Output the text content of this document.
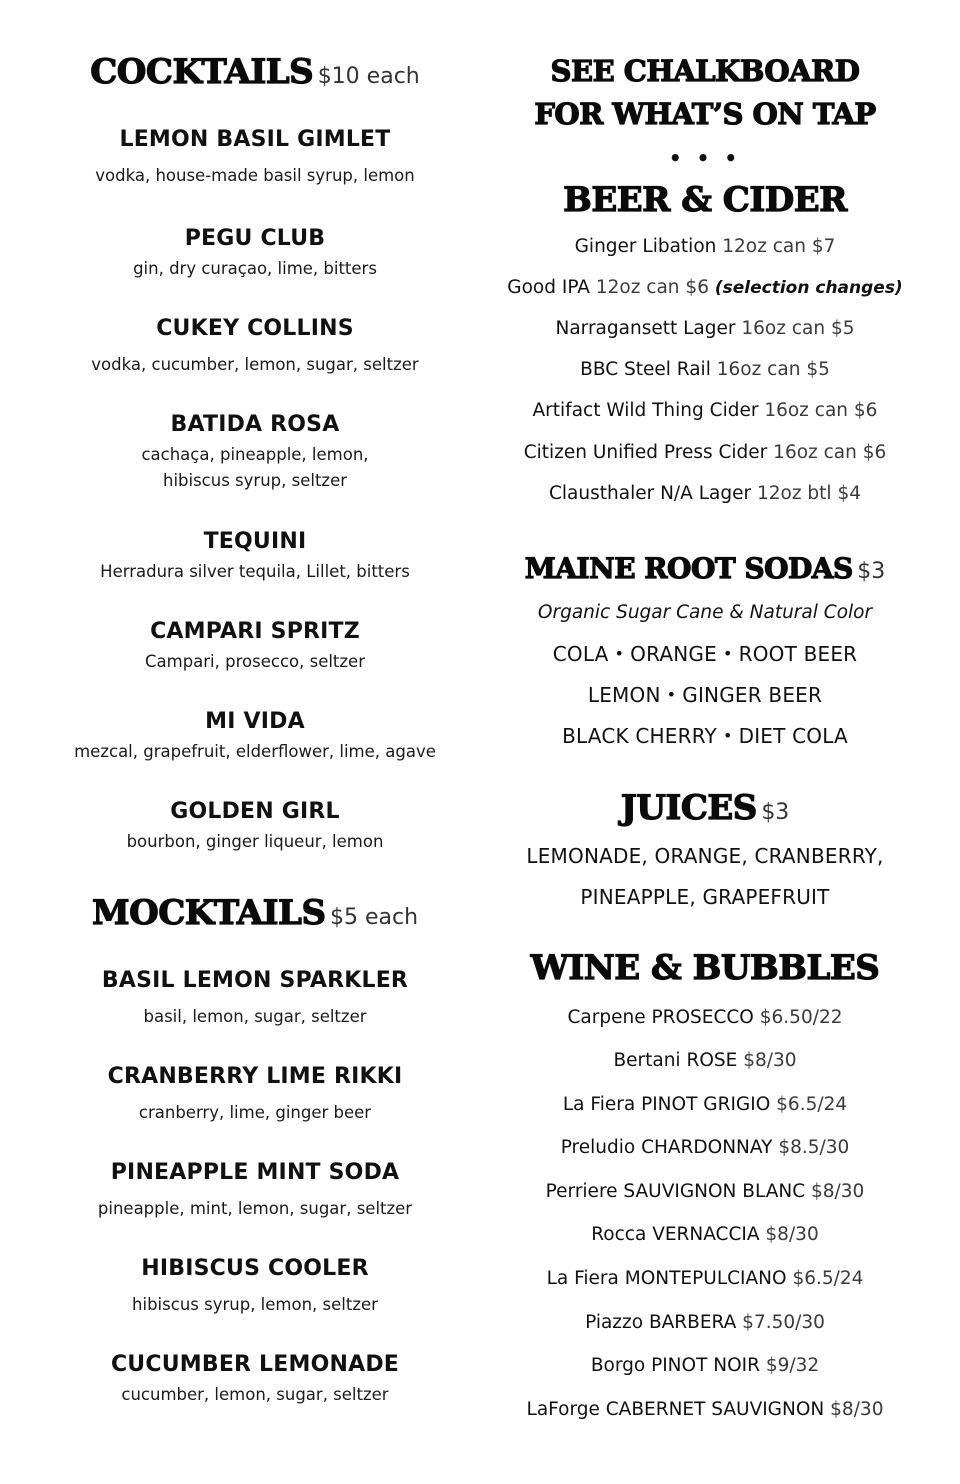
COCKTAILS $10 each
LEMON BASIL GIMLET
vodka, house-made basil syrup, lemon
PEGU CLUB
gin, dry curaçao, lime, bitters
CUKEY COLLINS
vodka, cucumber, lemon, sugar, seltzer
BATIDA ROSA
cachaça, pineapple, lemon,
hibiscus syrup, seltzer
TEQUINI
Herradura silver tequila, Lillet, bitters
CAMPARI SPRITZ
Campari, prosecco, seltzer
MI VIDA
mezcal, grapefruit, elderflower, lime, agave
GOLDEN GIRL
bourbon, ginger liqueur, lemon
MOCKTAILS $5 each
BASIL LEMON SPARKLER
basil, lemon, sugar, seltzer
CRANBERRY LIME RIKKI
cranberry, lime, ginger beer
PINEAPPLE MINT SODA
pineapple, mint, lemon, sugar, seltzer
HIBISCUS COOLER
hibiscus syrup, lemon, seltzer
CUCUMBER LEMONADE
cucumber, lemon, sugar, seltzer
SEE CHALKBOARD
FOR WHAT’S ON TAP
• • •
BEER & CIDER
Ginger Libation 12oz can $7
Good IPA 12oz can $6 (selection changes)
Narragansett Lager 16oz can $5
BBC Steel Rail 16oz can $5
Artifact Wild Thing Cider 16oz can $6
Citizen Unified Press Cider 16oz can $6
Clausthaler N/A Lager 12oz btl $4
MAINE ROOT SODAS $3
Organic Sugar Cane & Natural Color
COLA • ORANGE • ROOT BEER
LEMON • GINGER BEER
BLACK CHERRY • DIET COLA
JUICES $3
LEMONADE, ORANGE, CRANBERRY,
PINEAPPLE, GRAPEFRUIT
WINE & BUBBLES
Carpene PROSECCO $6.50/22
Bertani ROSE $8/30
La Fiera PINOT GRIGIO $6.5/24
Preludio CHARDONNAY $8.5/30
Perriere SAUVIGNON BLANC $8/30
Rocca VERNACCIA $8/30
La Fiera MONTEPULCIANO $6.5/24
Piazzo BARBERA $7.50/30
Borgo PINOT NOIR $9/32
LaForge CABERNET SAUVIGNON $8/30
